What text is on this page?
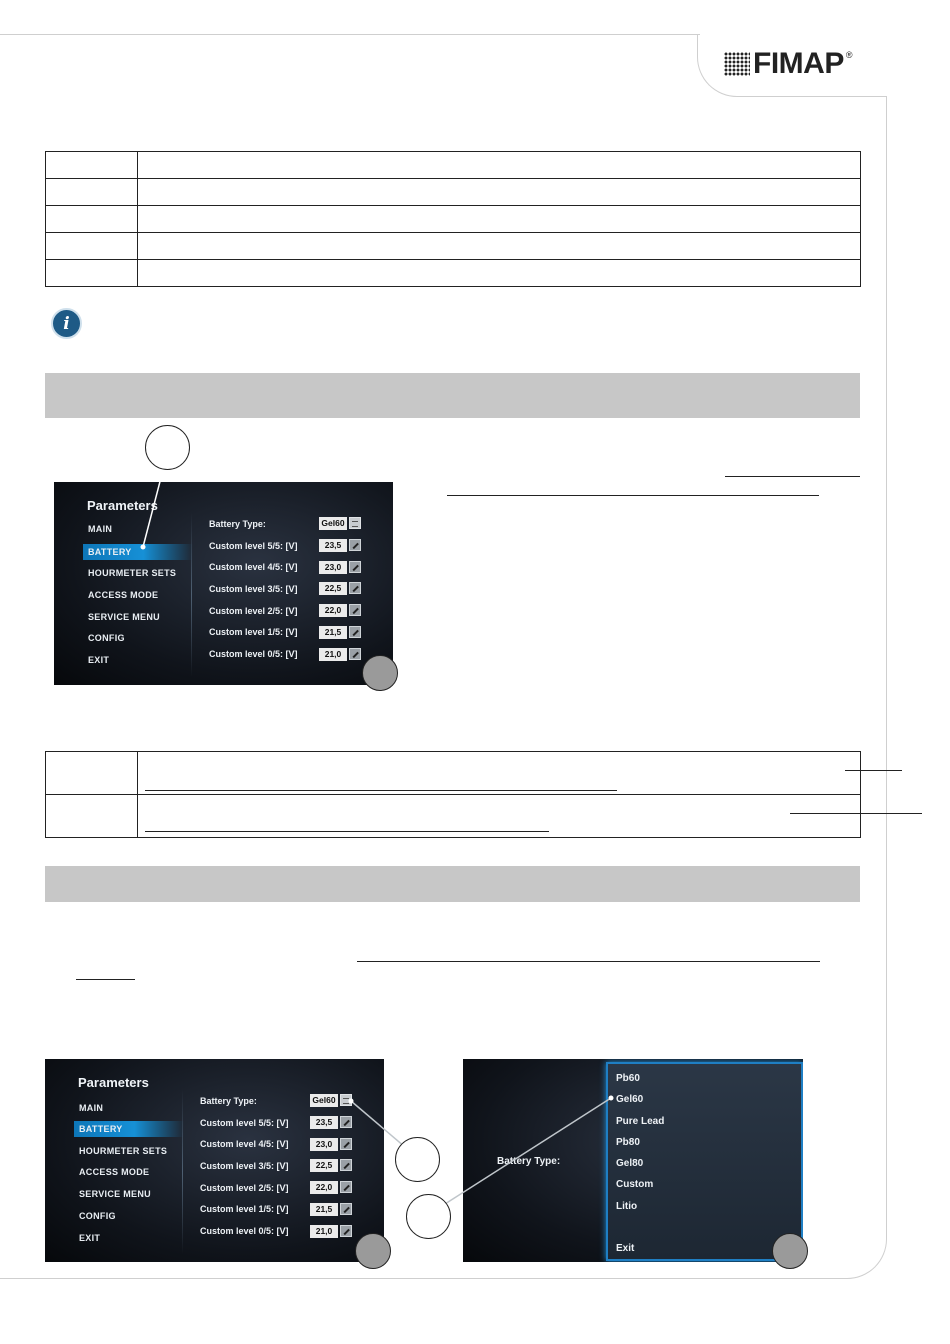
FIMAP ®

i
Parameters
MAIN
BATTERY
HOURMETER SETS
ACCESS MODE
SERVICE MENU
CONFIG
EXIT
Battery Type:	Gel60
Custom level 5/5: [V]	23,5
Custom level 4/5: [V]	23,0
Custom level 3/5: [V]	22,5
Custom level 2/5: [V]	22,0
Custom level 1/5: [V]	21,5
Custom level 0/5: [V]	21,0

Parameters
MAIN
BATTERY
HOURMETER SETS
ACCESS MODE
SERVICE MENU
CONFIG
EXIT
Battery Type:	Gel60
Custom level 5/5: [V]	23,5
Custom level 4/5: [V]	23,0
Custom level 3/5: [V]	22,5
Custom level 2/5: [V]	22,0
Custom level 1/5: [V]	21,5
Custom level 0/5: [V]	21,0
Battery Type:
Pb60
Gel60
Pure Lead
Pb80
Gel80
Custom
Litio
Exit
